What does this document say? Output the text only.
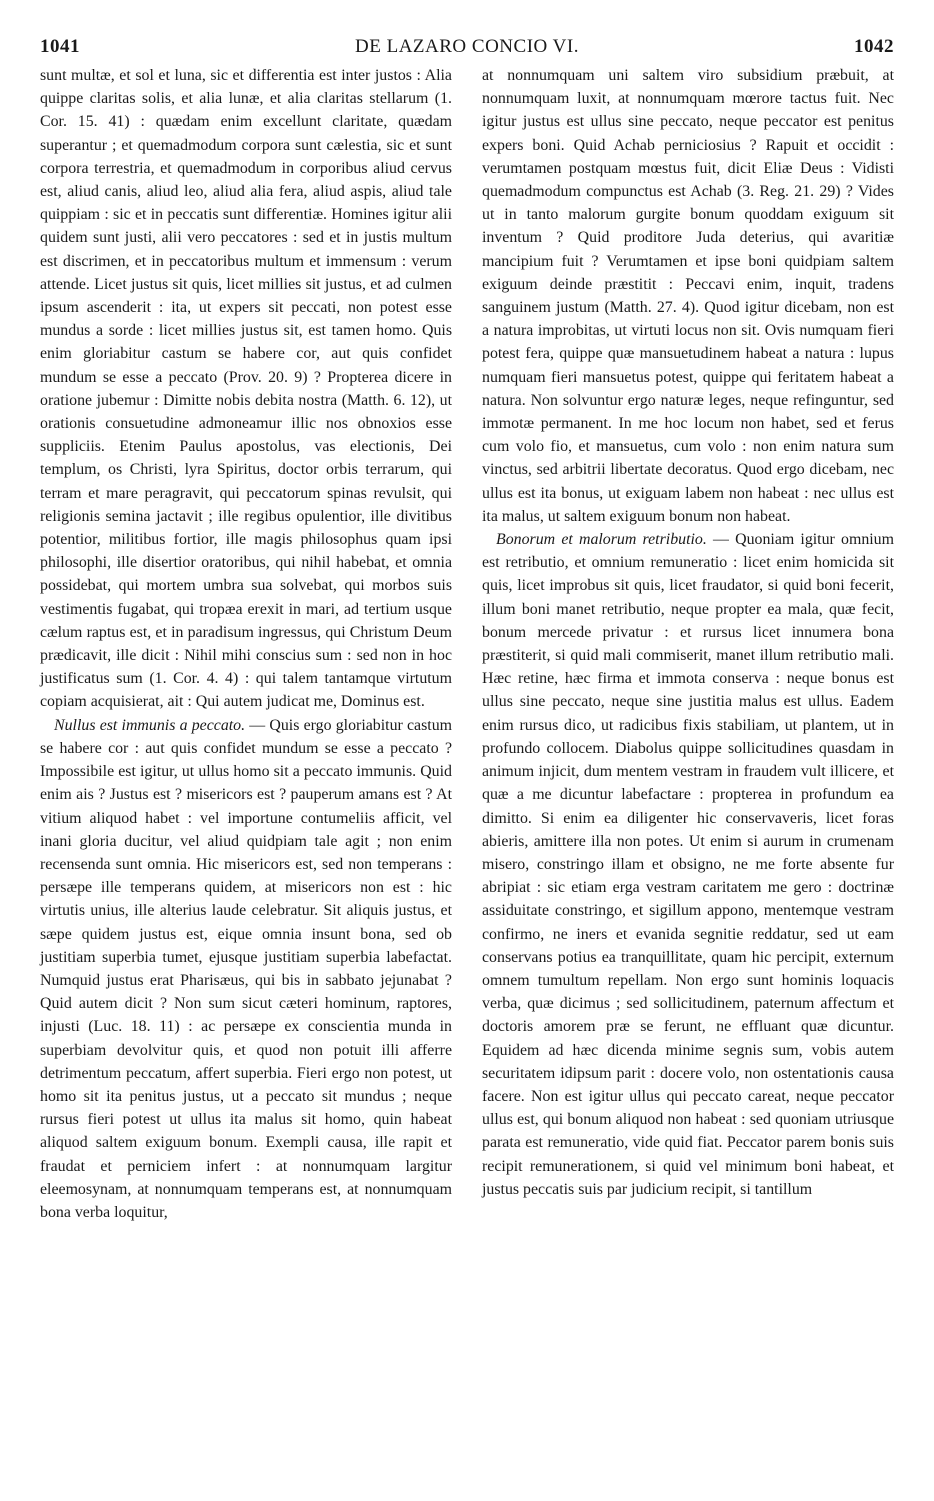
1041	DE LAZARO CONCIO VI.	1042

sunt multæ, et sol et luna, sic et differentia est inter justos : Alia quippe claritas solis, et alia lunæ, et alia claritas stellarum (1. Cor. 15. 41) : quædam enim excellunt claritate, quædam superantur ; et quemadmodum corpora sunt cælestia, sic et sunt corpora terrestria, et quemadmodum in corporibus aliud cervus est, aliud canis, aliud leo, aliud alia fera, aliud aspis, aliud tale quippiam : sic et in peccatis sunt differentiæ. Homines igitur alii quidem sunt justi, alii vero peccatores : sed et in justis multum est discrimen, et in peccatoribus multum et immensum : verum attende. Licet justus sit quis, licet millies sit justus, et ad culmen ipsum ascenderit : ita, ut expers sit peccati, non potest esse mundus a sorde : licet millies justus sit, est tamen homo. Quis enim gloriabitur castum se habere cor, aut quis confidet mundum se esse a peccato (Prov. 20. 9) ? Propterea dicere in oratione jubemur : Dimitte nobis debita nostra (Matth. 6. 12), ut orationis consuetudine admoneamur illic nos obnoxios esse suppliciis. Etenim Paulus apostolus, vas electionis, Dei templum, os Christi, lyra Spiritus, doctor orbis terrarum, qui terram et mare peragravit, qui peccatorum spinas revulsit, qui religionis semina jactavit ; ille regibus opulentior, ille divitibus potentior, militibus fortior, ille magis philosophus quam ipsi philosophi, ille disertior oratoribus, qui nihil habebat, et omnia possidebat, qui mortem umbra sua solvebat, qui morbos suis vestimentis fugabat, qui tropæa erexit in mari, ad tertium usque cælum raptus est, et in paradisum ingressus, qui Christum Deum prædicavit, ille dicit : Nihil mihi conscius sum : sed non in hoc justificatus sum (1. Cor. 4. 4) : qui talem tantamque virtutum copiam acquisierat, ait : Qui autem judicat me, Dominus est.

Nullus est immunis a peccato. — Quis ergo gloriabitur castum se habere cor : aut quis confidet mundum se esse a peccato ? Impossibile est igitur, ut ullus homo sit a peccato immunis. Quid enim ais ? Justus est ? misericors est ? pauperum amans est ? At vitium aliquod habet : vel importune contumeliis afficit, vel inani gloria ducitur, vel aliud quidpiam tale agit ; non enim recensenda sunt omnia. Hic misericors est, sed non temperans : persæpe ille temperans quidem, at misericors non est : hic virtutis unius, ille alterius laude celebratur. Sit aliquis justus, et sæpe quidem justus est, eique omnia insunt bona, sed ob justitiam superbia tumet, ejusque justitiam superbia labefactat. Numquid justus erat Pharisæus, qui bis in sabbato jejunabat ? Quid autem dicit ? Non sum sicut cæteri hominum, raptores, injusti (Luc. 18. 11) : ac persæpe ex conscientia munda in superbiam devolvitur quis, et quod non potuit illi afferre detrimentum peccatum, affert superbia. Fieri ergo non potest, ut homo sit ita penitus justus, ut a peccato sit mundus ; neque rursus fieri potest ut ullus ita malus sit homo, quin habeat aliquod saltem exiguum bonum. Exempli causa, ille rapit et fraudat et perniciem infert : at nonnumquam largitur eleemosynam, at nonnumquam temperans est, at nonnumquam bona verba loquitur,

at nonnumquam uni saltem viro subsidium præbuit, at nonnumquam luxit, at nonnumquam mœrore tactus fuit. Nec igitur justus est ullus sine peccato, neque peccator est penitus expers boni. Quid Achab perniciosius ? Rapuit et occidit : verumtamen postquam mœstus fuit, dicit Eliæ Deus : Vidisti quemadmodum compunctus est Achab (3. Reg. 21. 29) ? Vides ut in tanto malorum gurgite bonum quoddam exiguum sit inventum ? Quid proditore Juda deterius, qui avaritiæ mancipium fuit ? Verumtamen et ipse boni quidpiam saltem exiguum deinde præstitit : Peccavi enim, inquit, tradens sanguinem justum (Matth. 27. 4). Quod igitur dicebam, non est a natura improbitas, ut virtuti locus non sit. Ovis numquam fieri potest fera, quippe quæ mansuetudinem habeat a natura : lupus numquam fieri mansuetus potest, quippe qui feritatem habeat a natura. Non solvuntur ergo naturæ leges, neque refinguntur, sed immotæ permanent. In me hoc locum non habet, sed et ferus cum volo fio, et mansuetus, cum volo : non enim natura sum vinctus, sed arbitrii libertate decoratus. Quod ergo dicebam, nec ullus est ita bonus, ut exiguam labem non habeat : nec ullus est ita malus, ut saltem exiguum bonum non habeat.

Bonorum et malorum retributio. — Quoniam igitur omnium est retributio, et omnium remuneratio : licet enim homicida sit quis, licet improbus sit quis, licet fraudator, si quid boni fecerit, illum boni manet retributio, neque propter ea mala, quæ fecit, bonum mercede privatur : et rursus licet innumera bona præstiterit, si quid mali commiserit, manet illum retributio mali. Hæc retine, hæc firma et immota conserva : neque bonus est ullus sine peccato, neque sine justitia malus est ullus. Eadem enim rursus dico, ut radicibus fixis stabiliam, ut plantem, ut in profundo collocem. Diabolus quippe sollicitudines quasdam in animum injicit, dum mentem vestram in fraudem vult illicere, et quæ a me dicuntur labefactare : propterea in profundum ea dimitto. Si enim ea diligenter hic conservaveris, licet foras abieris, amittere illa non potes. Ut enim si aurum in crumenam misero, constringo illam et obsigno, ne me forte absente fur abripiat : sic etiam erga vestram caritatem me gero : doctrinæ assiduitate constringo, et sigillum appono, mentemque vestram confirmo, ne iners et evanida segnitie reddatur, sed ut eam conservans potius ea tranquillitate, quam hic percipit, externum omnem tumultum repellam. Non ergo sunt hominis loquacis verba, quæ dicimus ; sed sollicitudinem, paternum affectum et doctoris amorem præ se ferunt, ne effluant quæ dicuntur. Equidem ad hæc dicenda minime segnis sum, vobis autem securitatem idipsum parit : docere volo, non ostentationis causa facere. Non est igitur ullus qui peccato careat, neque peccator ullus est, qui bonum aliquod non habeat : sed quoniam utriusque parata est remuneratio, vide quid fiat. Peccator parem bonis suis recipit remunerationem, si quid vel minimum boni habeat, et justus peccatis suis par judicium recipit, si tantillum
